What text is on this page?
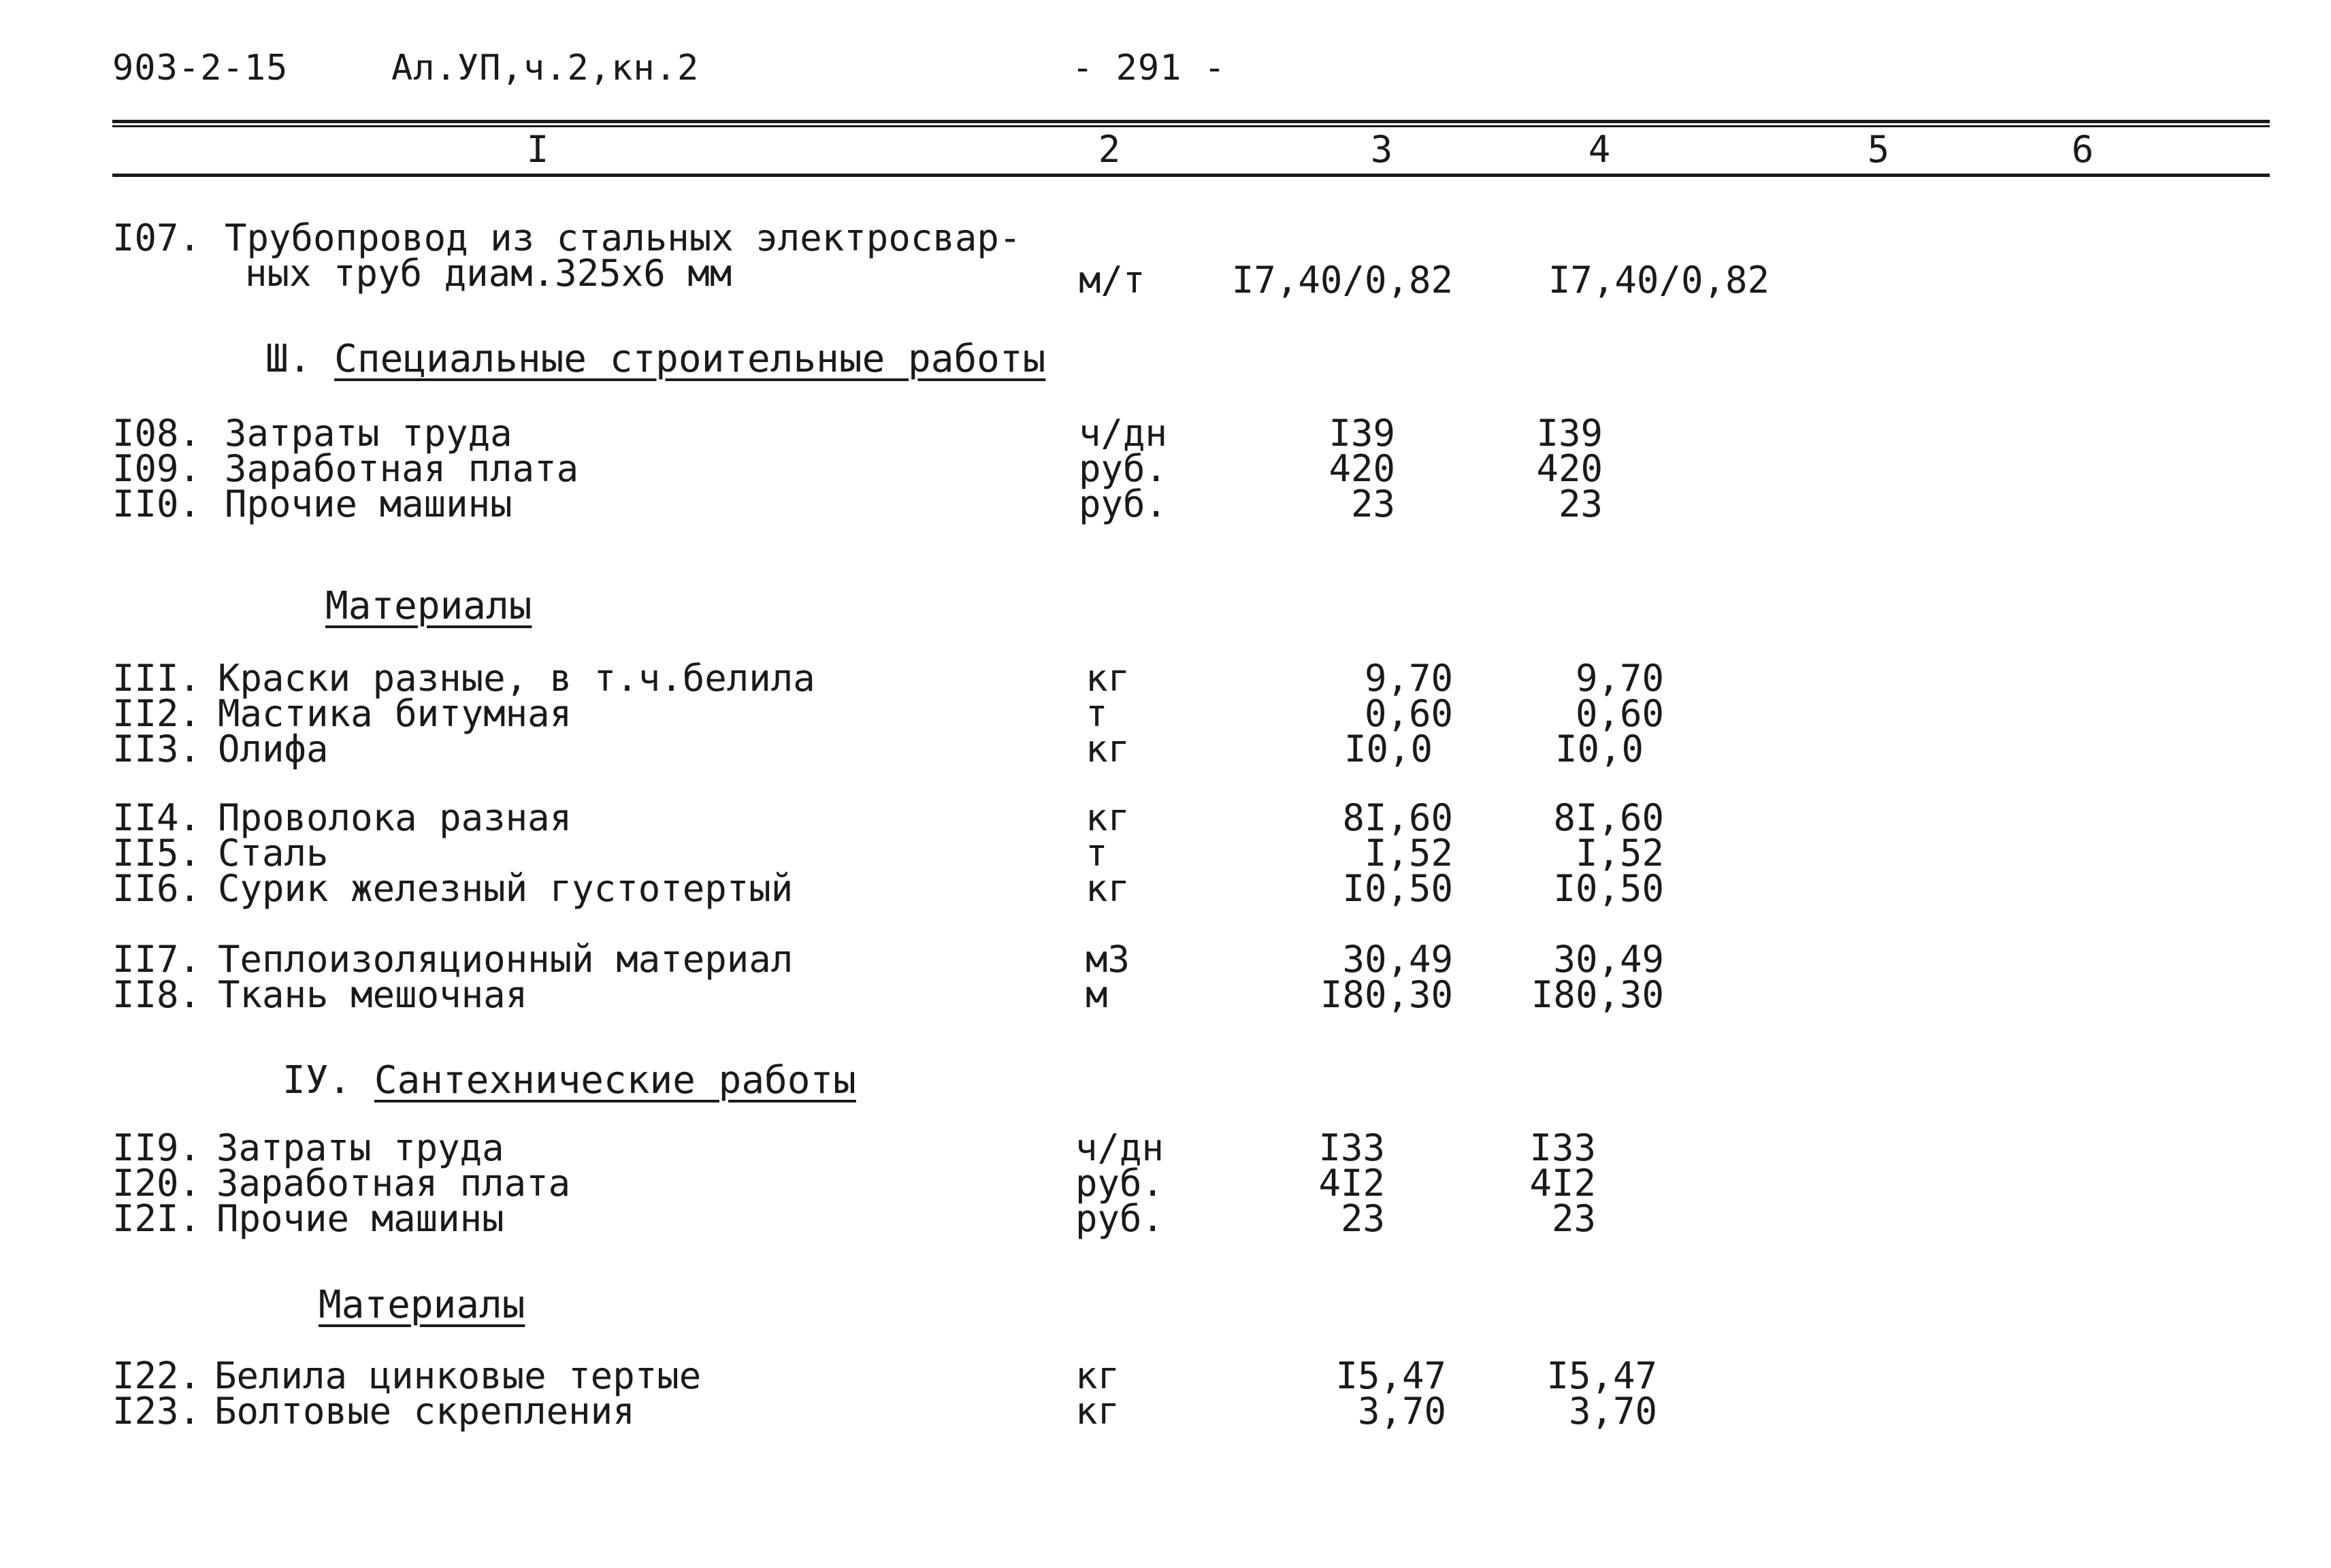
903-2-15	Ал.УП,ч.2,кн.2	- 291 -
I	2	3	4	5	6
I07. Трубопровод из стальных электросвар-
ных труб диам.325х6 мм	м/т I7,40/0,82	I7,40/0,82
Ш. Специальные строительные работы
I08. Затраты труда	ч/дн	I39	I39
I09. Заработная плата	руб.	420	420
II0. Прочие машины	руб.	23	23
Материалы
III. Краски разные, в т.ч.белила	кг	9,70	9,70
II2. Мастика битумная	т	0,60	0,60
II3. Олифа	кг	I0,0	I0,0
II4. Проволока разная	кг	8I,60	8I,60
II5. Сталь	т	I,52	I,52
II6. Сурик железный густотертый	кг	I0,50	I0,50
II7. Теплоизоляционный материал	м3	30,49	30,49
II8. Ткань мешочная	м	I80,30 I80,30
IУ. Сантехнические работы
II9. Затраты труда	ч/дн	I33	I33
I20. Заработная плата	руб.	4I2	4I2
I2I. Прочие машины	руб.	23	23
Материалы
I22. Белила цинковые тертые	кг	I5,47	I5,47
I23. Болтовые скрепления	кг	3,70	3,70
